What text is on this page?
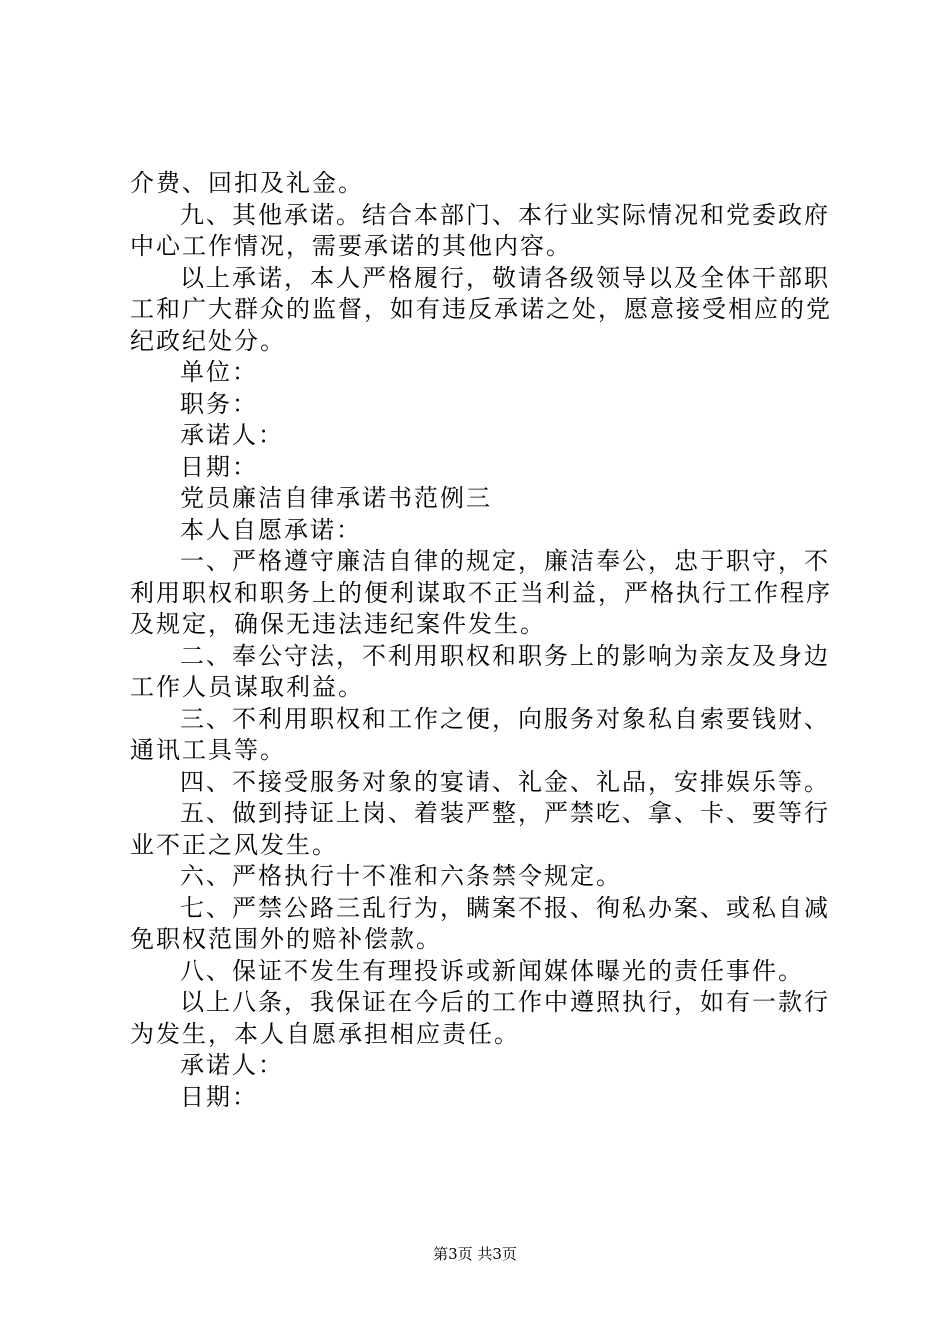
介费、回扣及礼金。
九、其他承诺。结合本部门、本行业实际情况和党委政府
中心工作情况，需要承诺的其他内容。
以上承诺，本人严格履行，敬请各级领导以及全体干部职
工和广大群众的监督，如有违反承诺之处，愿意接受相应的党
纪政纪处分。
单位：
职务：
承诺人：
日期：
党员廉洁自律承诺书范例三
本人自愿承诺：
一、严格遵守廉洁自律的规定，廉洁奉公，忠于职守，不
利用职权和职务上的便利谋取不正当利益，严格执行工作程序
及规定，确保无违法违纪案件发生。
二、奉公守法，不利用职权和职务上的影响为亲友及身边
工作人员谋取利益。
三、不利用职权和工作之便，向服务对象私自索要钱财、
通讯工具等。
四、不接受服务对象的宴请、礼金、礼品，安排娱乐等。
五、做到持证上岗、着装严整，严禁吃、拿、卡、要等行
业不正之风发生。
六、严格执行十不准和六条禁令规定。
七、严禁公路三乱行为，瞒案不报、徇私办案、或私自减
免职权范围外的赔补偿款。
八、保证不发生有理投诉或新闻媒体曝光的责任事件。
以上八条，我保证在今后的工作中遵照执行，如有一款行
为发生，本人自愿承担相应责任。
承诺人：
日期：
第3页 共3页
